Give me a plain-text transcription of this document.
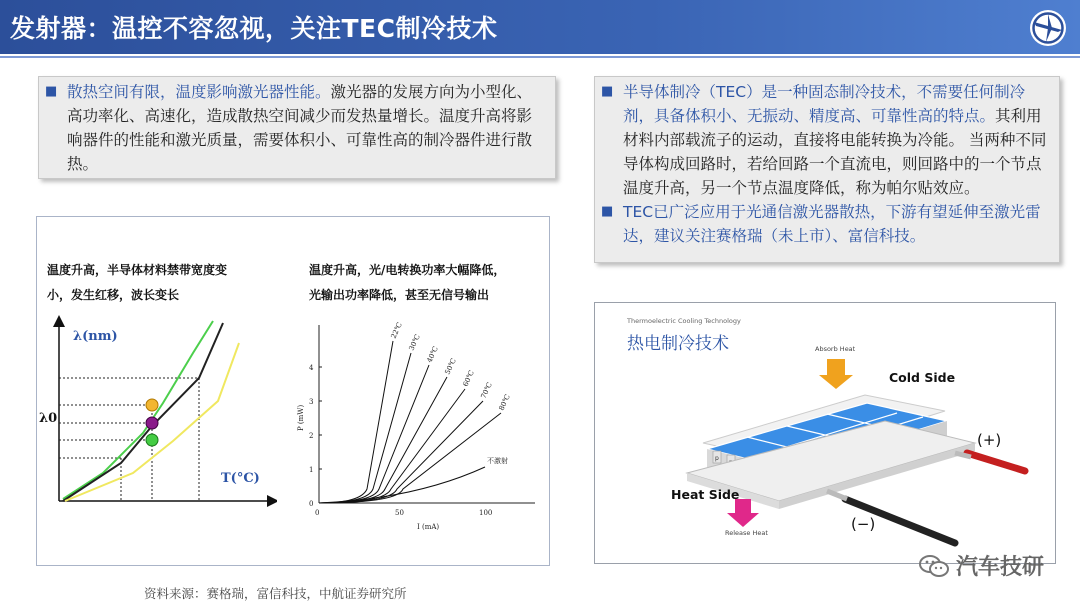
发射器：温控不容忽视，关注TEC制冷技术
■ 散热空间有限，温度影响激光器性能。激光器的发展方向为小型化、高功率化、高速化，造成散热空间减少而发热量增长。温度升高将影响器件的性能和激光质量，需要体积小、可靠性高的制冷器件进行散热。

■ 半导体制冷（TEC）是一种固态制冷技术，不需要任何制冷剂，具备体积小、无振动、精度高、可靠性高的特点。其利用材料内部载流子的运动，直接将电能转换为冷能。 当两种不同导体构成回路时，若给回路一个直流电，则回路中的一个节点温度升高，另一个节点温度降低，称为帕尔贴效应。

■ TEC已广泛应用于光通信激光器散热，下游有望延伸至激光雷达，建议关注赛格瑞（未上市）、富信科技。

温度升高，半导体材料禁带宽度变
小，发生红移，波长变长
温度升高，光/电转换功率大幅降低，
光输出功率降低，甚至无信号输出
λ(nm)
λ0
T(°C)
4
3
2
1
0
0	50	100
22℃
30℃
40℃
50℃
60℃
70℃
80℃
P (mW)
I (mA)
不激射
Thermoelectric Cooling Technology
热电制冷技术
p
Absorb Heat
Cold Side
Heat Side
Release Heat
(+)
(−)
资料来源：赛格瑞，富信科技，中航证券研究所
汽车技研
